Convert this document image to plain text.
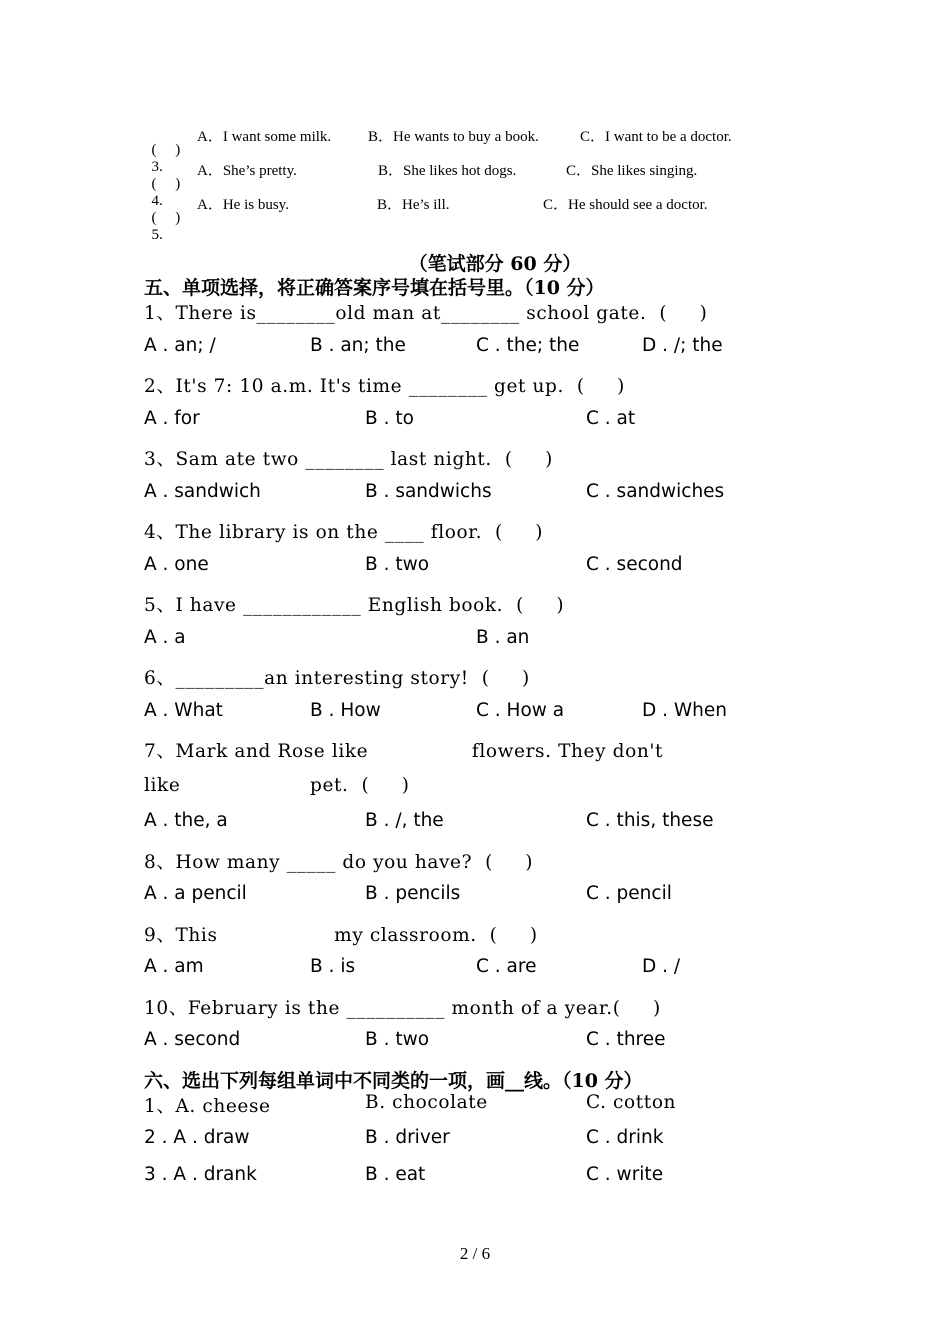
(     )
3.

A．I want some milk. B．He wants to buy a book.	C．I want to be a doctor.

(     )
4.

A．She’s pretty.	B．She likes hot dogs.	C．She likes singing.

(     )
5.

A．He is busy.	B．He’s ill.	C．He should see a doctor.
（笔试部分 60 分）
五、单项选择，将正确答案序号填在括号里。（10 分）
1、There is________old man at________ school gate.  (     )
A . an; /	B . an; the	C . the; the	D . /; the
2、It's 7: 10 a.m. It's time ________ get up.  (     )
A . for	B . to	C . at
3、Sam ate two ________ last night.  (     )
A . sandwich	B . sandwichs	C . sandwiches
4、The library is on the ____ floor.  (     )
A . one	B . two	C . second
5、I have ____________ English book.  (     )
A . a	B . an
6、_________an interesting story!  (     )
A . What	B . How	C . How a	D . When
7、Mark and Rose like                flowers. They don't
like                    pet.  (     )
A . the, a	B . /, the	C . this, these
8、How many _____ do you have?  (     )
A . a pencil	B . pencils	C . pencil
9、This                  my classroom.  (     )
A . am	B . is	C . are	D . /
10、February is the __________ month of a year.(     )
A . second	B . two	C . three
六、选出下列每组单词中不同类的一项，画__线。（10 分）
1、A. cheese	B. chocolate	C. cotton
2 . A . draw	B . driver	C . drink
3 . A . drank	B . eat	C . write
2 / 6
